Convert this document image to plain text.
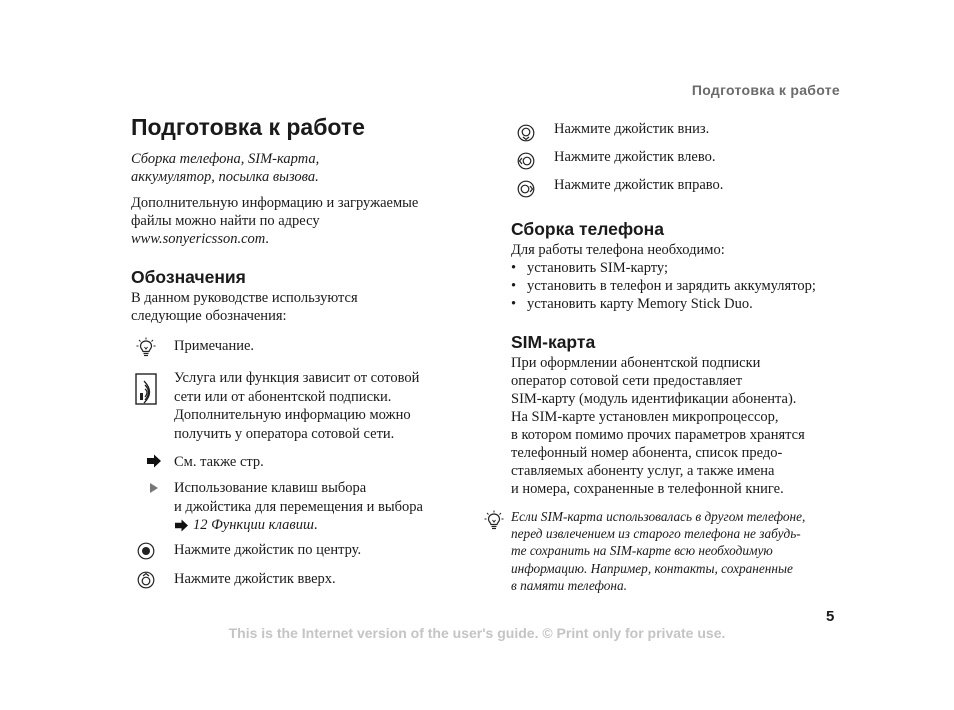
Подготовка к работе
Подготовка к работе

Сборка телефона, SIM-карта,

аккумулятор, посылка вызова.

Дополнительную информацию и загружаемые

файлы можно найти по адресу

www.sonyericsson.com.

Обозначения

В данном руководстве используются

следующие обозначения:

Примечание.
Услуга или функция зависит от сотовой
сети или от абонентской подписки.
Дополнительную информацию можно
получить у оператора сотовой сети.
См. также стр.
Использование клавиш выбора
и джойстика для перемещения и выбора
12 Функции клавиш .
Нажмите джойстик по центру.
Нажмите джойстик вверх.
Нажмите джойстик вниз.
Нажмите джойстик влево.
Нажмите джойстик вправо.
Сборка телефона

Для работы телефона необходимо:

• установить SIM-карту;
• установить в телефон и зарядить аккумулятор;
• установить карту Memory Stick Duo.
SIM-карта

При оформлении абонентской подписки

оператор сотовой сети предоставляет

SIM-карту (модуль идентификации абонента).

На SIM-карте установлен микропроцессор,

в котором помимо прочих параметров хранятся

телефонный номер абонента, список предо-

ставляемых абоненту услуг, а также имена

и номера, сохраненные в телефонной книге.

Если SIM-карта использовалась в другом телефоне,
перед извлечением из старого телефона не забудь-
те сохранить на SIM-карте всю необходимую
информацию. Например, контакты, сохраненные
в памяти телефона.
5
This is the Internet version of the user's guide. © Print only for private use.
